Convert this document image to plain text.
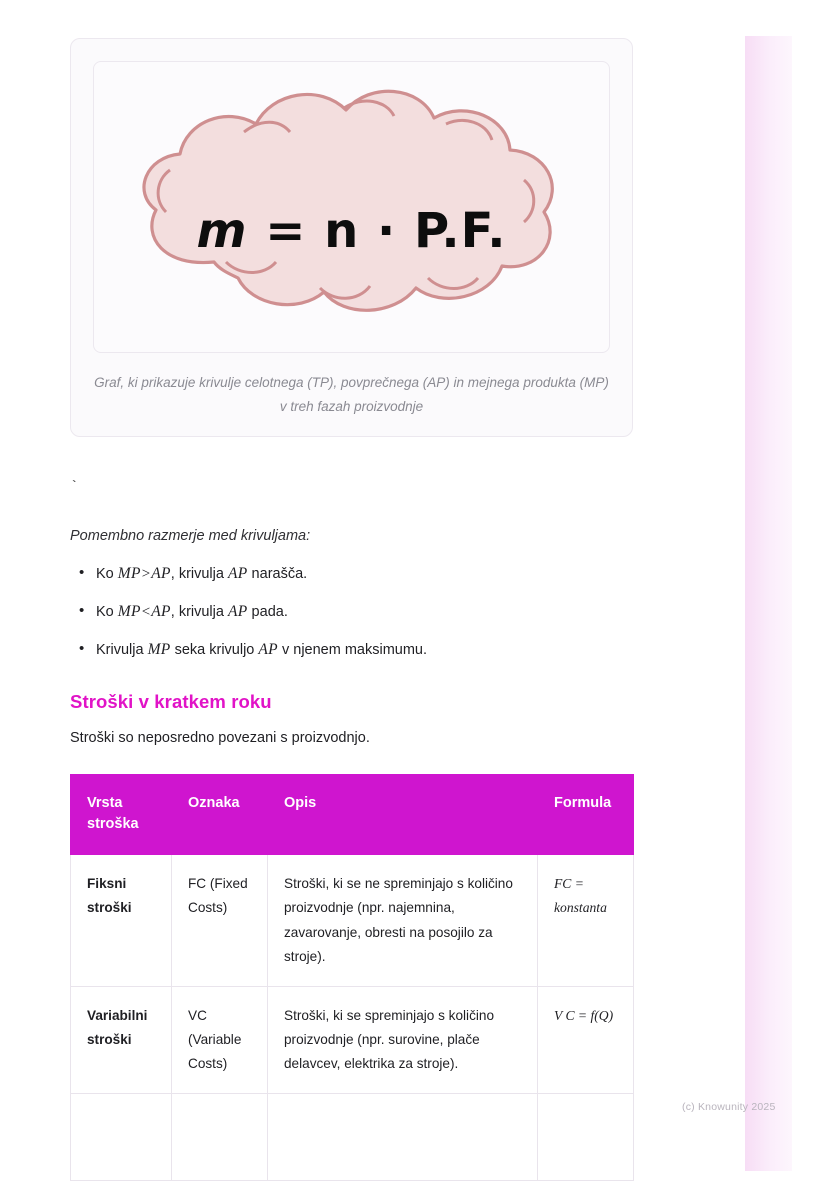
m = n · P.F.
Graf, ki prikazuje krivulje celotnega (TP), povprečnega (AP) in mejnega produkta (MP) v treh fazah proizvodnje
`
Pomembno razmerje med krivuljama:
• Ko MP>AP, krivulja AP narašča.
• Ko MP<AP, krivulja AP pada.
• Krivulja MP seka krivuljo AP v njenem maksimumu.
Stroški v kratkem roku
Stroški so neposredno povezani s proizvodnjo.
Vrsta stroška	Oznaka	Opis	Formula
Fiksni stroški	FC (Fixed Costs)	Stroški, ki se ne spreminjajo s količino proizvodnje (npr. najemnina, zavarovanje, obresti na posojilo za stroje).	FC = konstanta
Variabilni stroški	VC (Variable Costs)	Stroški, ki se spreminjajo s količino proizvodnje (npr. surovine, plače delavcev, elektrika za stroje).	V C = f(Q)

(c) Knowunity 2025
